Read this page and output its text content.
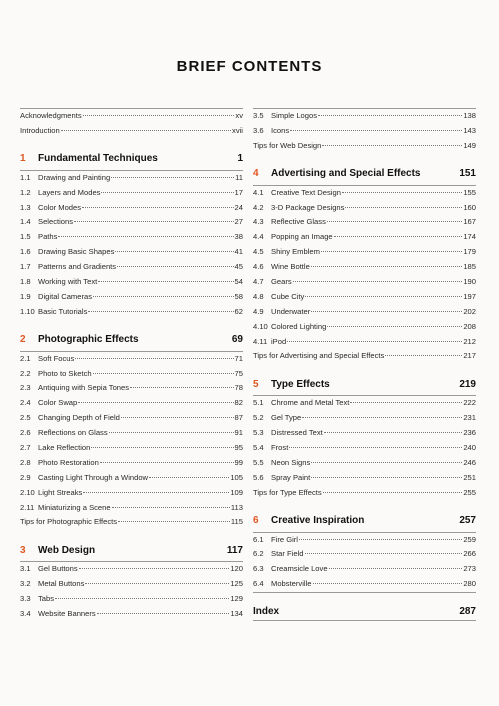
BRIEF CONTENTS
Acknowledgments	xv
Introduction	xvii
1	Fundamental Techniques	1
1.1 Drawing and Painting	11
1.2 Layers and Modes	17
1.3 Color Modes	24
1.4 Selections	27
1.5 Paths	38
1.6 Drawing Basic Shapes	41
1.7 Patterns and Gradients	45
1.8 Working with Text	54
1.9 Digital Cameras	58
1.10 Basic Tutorials	62
2	Photographic Effects	69
2.1 Soft Focus	71
2.2 Photo to Sketch	75
2.3 Antiquing with Sepia Tones	78
2.4 Color Swap	82
2.5 Changing Depth of Field	87
2.6 Reflections on Glass	91
2.7 Lake Reflection	95
2.8 Photo Restoration	99
2.9 Casting Light Through a Window	105
2.10 Light Streaks	109
2.11 Miniaturizing a Scene	113
Tips for Photographic Effects	115
3	Web Design	117
3.1 Gel Buttons	120
3.2 Metal Buttons	125
3.3 Tabs	129
3.4 Website Banners	134
3.5 Simple Logos	138
3.6 Icons	143
Tips for Web Design	149
4	Advertising and Special Effects	151
4.1 Creative Text Design	155
4.2 3-D Package Designs	160
4.3 Reflective Glass	167
4.4 Popping an Image	174
4.5 Shiny Emblem	179
4.6 Wine Bottle	185
4.7 Gears	190
4.8 Cube City	197
4.9 Underwater	202
4.10 Colored Lighting	208
4.11 iPod	212
Tips for Advertising and Special Effects	217
5	Type Effects	219
5.1 Chrome and Metal Text	222
5.2 Gel Type	231
5.3 Distressed Text	236
5.4 Frost	240
5.5 Neon Signs	246
5.6 Spray Paint	251
Tips for Type Effects	255
6	Creative Inspiration	257
6.1 Fire Girl	259
6.2 Star Field	266
6.3 Creamsicle Love	273
6.4 Mobsterville	280
Index	287
